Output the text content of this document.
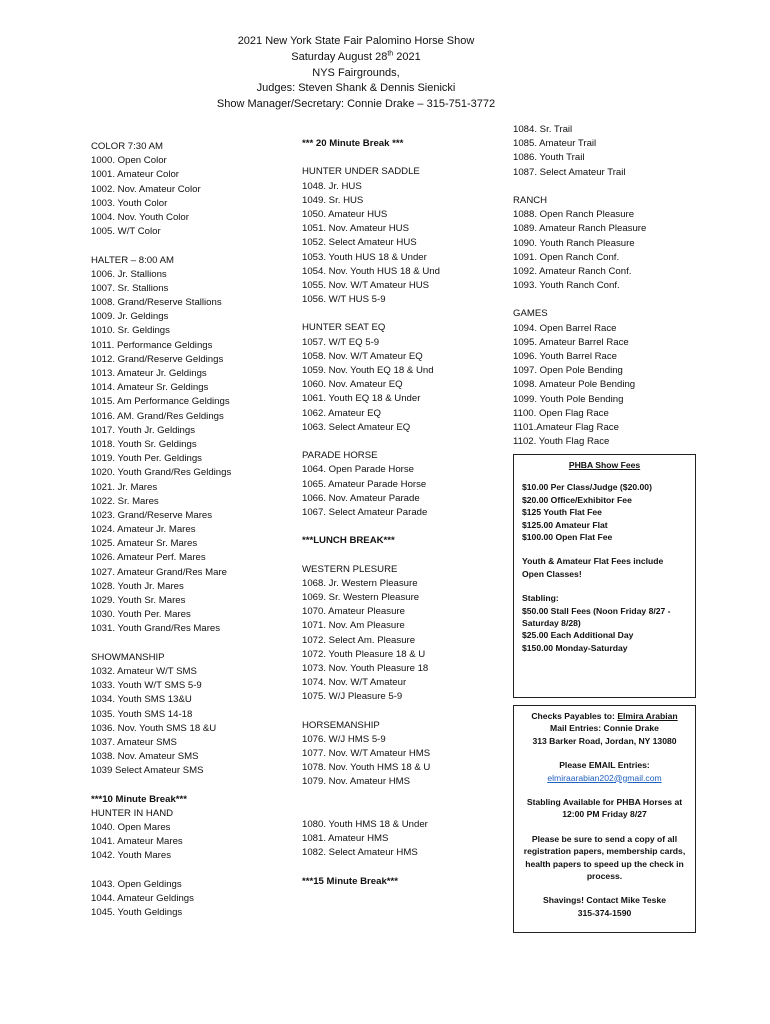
2021 New York State Fair Palomino Horse Show
Saturday August 28th 2021
NYS Fairgrounds,
Judges: Steven Shank & Dennis Sienicki
Show Manager/Secretary: Connie Drake – 315-751-3772
COLOR 7:30 AM
1000. Open Color
1001. Amateur Color
1002. Nov. Amateur Color
1003. Youth Color
1004. Nov. Youth Color
1005. W/T Color
HALTER – 8:00 AM
1006. Jr. Stallions
1007. Sr. Stallions
1008. Grand/Reserve Stallions
1009. Jr. Geldings
1010. Sr. Geldings
1011. Performance Geldings
1012. Grand/Reserve Geldings
1013. Amateur Jr. Geldings
1014. Amateur Sr. Geldings
1015. Am Performance Geldings
1016. AM. Grand/Res Geldings
1017. Youth Jr. Geldings
1018. Youth Sr. Geldings
1019. Youth Per. Geldings
1020. Youth Grand/Res Geldings
1021. Jr. Mares
1022. Sr. Mares
1023. Grand/Reserve Mares
1024. Amateur Jr. Mares
1025. Amateur Sr. Mares
1026. Amateur Perf. Mares
1027. Amateur Grand/Res Mare
1028. Youth Jr. Mares
1029. Youth Sr. Mares
1030. Youth Per. Mares
1031. Youth Grand/Res Mares
SHOWMANSHIP
1032. Amateur W/T SMS
1033. Youth W/T SMS 5-9
1034. Youth SMS 13&U
1035. Youth SMS 14-18
1036. Nov. Youth SMS 18 &U
1037. Amateur SMS
1038. Nov. Amateur SMS
1039 Select Amateur SMS
***10 Minute Break***
HUNTER IN HAND
1040. Open Mares
1041. Amateur Mares
1042. Youth Mares
1043. Open Geldings
1044. Amateur Geldings
1045. Youth Geldings
*** 20 Minute Break ***
HUNTER UNDER SADDLE
1048. Jr. HUS
1049. Sr. HUS
1050. Amateur HUS
1051. Nov. Amateur HUS
1052. Select Amateur HUS
1053. Youth HUS 18 & Under
1054. Nov. Youth HUS 18 & Und
1055. Nov. W/T Amateur HUS
1056. W/T HUS 5-9
HUNTER SEAT EQ
1057. W/T EQ 5-9
1058. Nov. W/T Amateur EQ
1059. Nov. Youth EQ 18 & Und
1060. Nov. Amateur EQ
1061. Youth EQ 18 & Under
1062. Amateur EQ
1063. Select Amateur EQ
PARADE HORSE
1064. Open Parade Horse
1065. Amateur Parade Horse
1066. Nov. Amateur Parade
1067. Select Amateur Parade
***LUNCH BREAK***
WESTERN PLESURE
1068. Jr. Western Pleasure
1069. Sr. Western Pleasure
1070. Amateur Pleasure
1071. Nov. Am Pleasure
1072. Select Am. Pleasure
1072. Youth Pleasure 18 & U
1073. Nov. Youth Pleasure 18
1074. Nov. W/T Amateur
1075. W/J Pleasure 5-9
HORSEMANSHIP
1076. W/J HMS 5-9
1077. Nov. W/T Amateur HMS
1078. Nov. Youth HMS 18 & U
1079. Nov. Amateur HMS
1080. Youth HMS 18 & Under
1081. Amateur HMS
1082. Select Amateur HMS
***15 Minute Break***
1084. Sr. Trail
1085. Amateur Trail
1086. Youth Trail
1087. Select Amateur Trail
RANCH
1088. Open Ranch Pleasure
1089. Amateur Ranch Pleasure
1090. Youth Ranch Pleasure
1091. Open Ranch Conf.
1092. Amateur Ranch Conf.
1093. Youth Ranch Conf.
GAMES
1094. Open Barrel Race
1095. Amateur Barrel Race
1096. Youth Barrel Race
1097. Open Pole Bending
1098. Amateur Pole Bending
1099. Youth Pole Bending
1100. Open Flag Race
1101.Amateur Flag Race
1102. Youth Flag Race
PHBA Show Fees
$10.00 Per Class/Judge ($20.00)
$20.00 Office/Exhibitor Fee
$125 Youth Flat Fee
$125.00 Amateur Flat
$100.00 Open Flat Fee
Youth & Amateur Flat Fees include
Open Classes!
Stabling:
$50.00 Stall Fees (Noon Friday 8/27 -
Saturday 8/28)
$25.00 Each Additional Day
$150.00 Monday-Saturday
Checks Payables to: Elmira Arabian
Mail Entries: Connie Drake
313 Barker Road, Jordan, NY 13080
Please EMAIL Entries:
elmiraarabian202@gmail.com
Stabling Available for PHBA Horses at
12:00 PM Friday 8/27
Please be sure to send a copy of all
registration papers, membership cards,
health papers to speed up the check in
process.
Shavings! Contact Mike Teske
315-374-1590
